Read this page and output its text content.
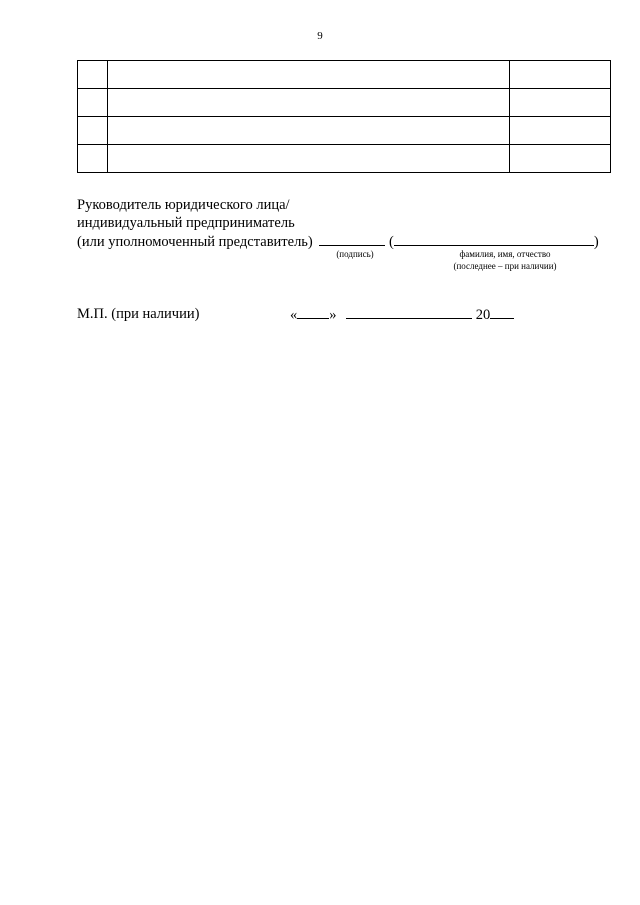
9

Руководитель юридического лица/
индивидуальный предприниматель
(или уполномоченный представитель)	(	)
(подпись)	фамилия, имя, отчество
(последнее – при наличии)
М.П. (при наличии)	« »	20
